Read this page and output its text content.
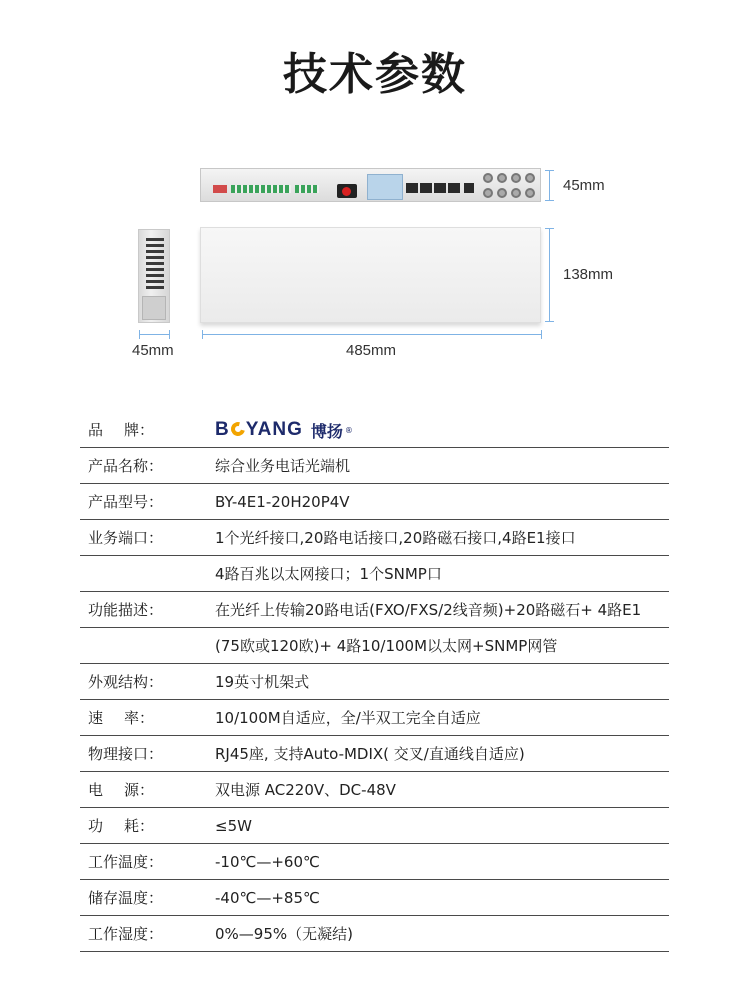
技术参数
45mm
138mm
45mm	485mm
品 牌：	B YANG 博扬 ®
产品名称：	综合业务电话光端机
产品型号：	BY-4E1-20H20P4V
业务端口：	1个光纤接口,20路电话接口,20路磁石接口,4路E1接口
4路百兆以太网接口；1个SNMP口
功能描述：	在光纤上传输20路电话(FXO/FXS/2线音频)+20路磁石+ 4路E1
(75欧或120欧)+ 4路10/100M以太网+SNMP网管
外观结构：	19英寸机架式
速 率：	10/100M自适应，全/半双工完全自适应
物理接口：	RJ45座, 支持Auto-MDIX( 交叉/直通线自适应)
电 源：	双电源 AC220V、DC-48V
功 耗：	≤5W
工作温度：	-10℃—+60℃
储存温度：	-40℃—+85℃
工作湿度：	0%—95%（无凝结)
